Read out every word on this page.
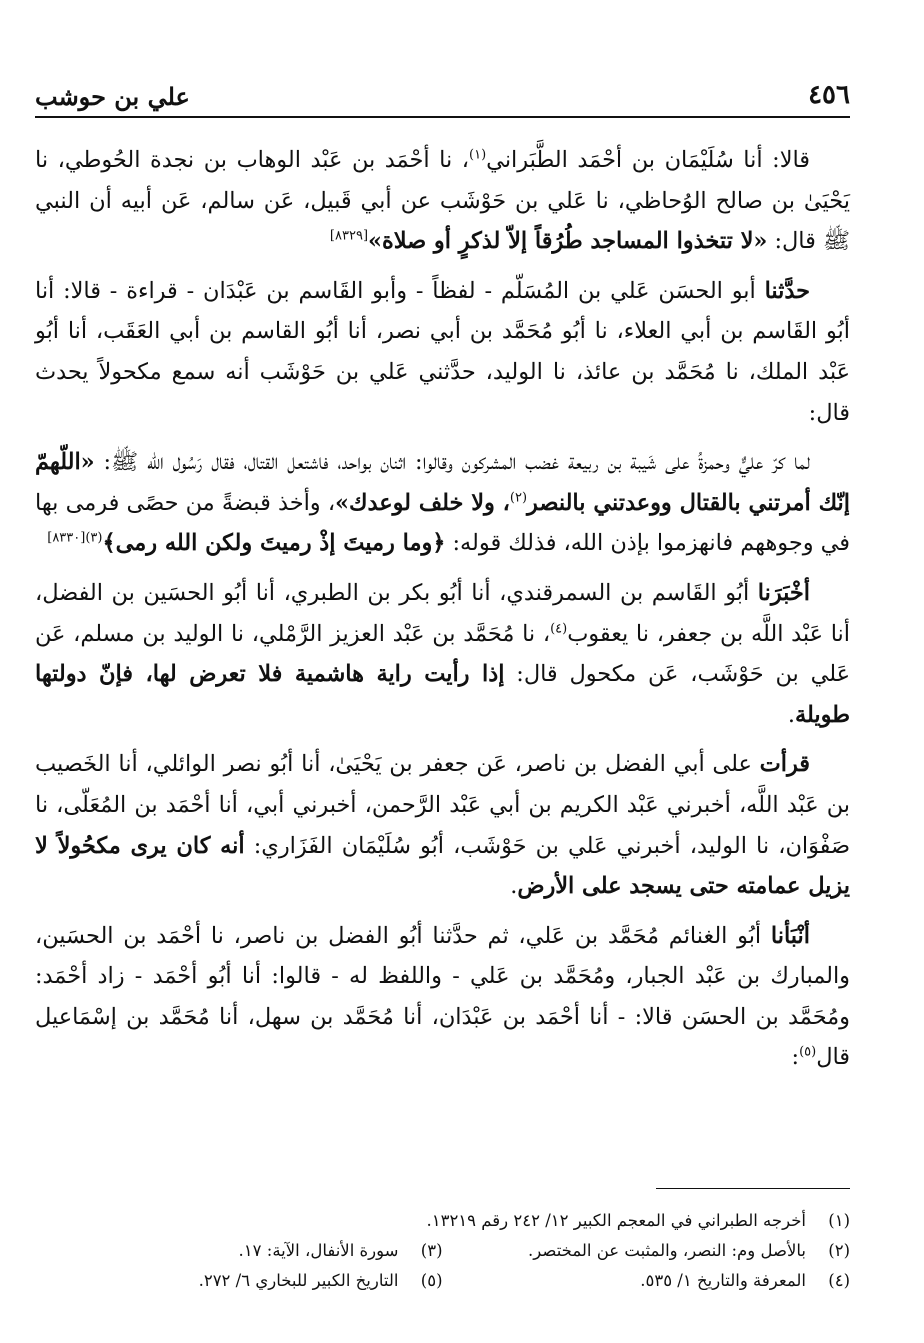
٤٥٦
علي بن حوشب

قالا: أنا سُلَيْمَان بن أحْمَد الطَّبَراني$^{(١)}$، نا أحْمَد بن عَبْد الوهاب بن نجدة الحُوطي، نا يَحْيَىٰ بن صالح الوُحاظي، نا عَلي بن حَوْشَب عن أبي قَبيل، عَن سالم، عَن أبيه أن النبي ﷺ قال: «لا تتخذوا المساجد طُرُقاً إلاّ لذكرٍ أو صلاة»[٨٣٢٩]

حدَّثنا أبو الحسَن عَلي بن المُسَلّم - لفظاً - وأبو القَاسم بن عَبْدَان - قراءة - قالا: أنا أبُو القَاسم بن أبي العلاء، نا أبُو مُحَمَّد بن أبي نصر، أنا أبُو القاسم بن أبي العَقَب، أنا أبُو عَبْد الملك، نا مُحَمَّد بن عائذ، نا الوليد، حدَّثني عَلي بن حَوْشَب أنه سمع مكحولاً يحدث قال:

لما كرّ عليٌّ وحمزةُ على شَيبة بن ربيعة غضب المشركون وقالوا: اثنان بواحد، فاشتعل القتال، فقال رَسُول الله ﷺ: «اللّهمّ إنّك أمرتني بالقتال ووعدتني بالنصر$^{(٢)}$، ولا خلف لوعدك»، وأخذ قبضةً من حصًى فرمى بها في وجوههم فانهزموا بإذن الله، فذلك قوله: ﴿وما رميتَ إذْ رميتَ ولكن الله رمى﴾$^{(٣)[٨٣٣٠]}$

أخْبَرَنا أبُو القَاسم بن السمرقندي، أنا أبُو بكر بن الطبري، أنا أبُو الحسَين بن الفضل، أنا عَبْد اللَّه بن جعفر، نا يعقوب$^{(٤)}$، نا مُحَمَّد بن عَبْد العزيز الرَّمْلي، نا الوليد بن مسلم، عَن عَلي بن حَوْشَب، عَن مكحول قال: إذا رأيت راية هاشمية فلا تعرض لها، فإنّ دولتها طويلة.

قرأت على أبي الفضل بن ناصر، عَن جعفر بن يَحْيَىٰ، أنا أبُو نصر الوائلي، أنا الخَصيب بن عَبْد اللَّه، أخبرني عَبْد الكريم بن أبي عَبْد الرَّحمن، أخبرني أبي، أنا أحْمَد بن المُعَلّى، نا صَفْوَان، نا الوليد، أخبرني عَلي بن حَوْشَب، أبُو سُلَيْمَان الفَزَاري: أنه كان يرى مكحُولاً لا يزيل عمامته حتى يسجد على الأرض.

أنْبَأنا أبُو الغنائم مُحَمَّد بن عَلي، ثم حدَّثنا أبُو الفضل بن ناصر، نا أحْمَد بن الحسَين، والمبارك بن عَبْد الجبار، ومُحَمَّد بن عَلي - واللفظ له - قالوا: أنا أبُو أحْمَد - زاد أحْمَد: ومُحَمَّد بن الحسَن قالا: - أنا أحْمَد بن عَبْدَان، أنا مُحَمَّد بن سهل، أنا مُحَمَّد بن إسْمَاعيل قال$^{(٥)}$:

(١)أخرجه الطبراني في المعجم الكبير ١٢/ ٢٤٢ رقم ١٣٢١٩.
(٢)بالأصل وم: النصر، والمثبت عن المختصر.
(٣)سورة الأنفال، الآية: ١٧.
(٤)المعرفة والتاريخ ١/ ٥٣٥.
(٥)التاريخ الكبير للبخاري ٦/ ٢٧٢.
